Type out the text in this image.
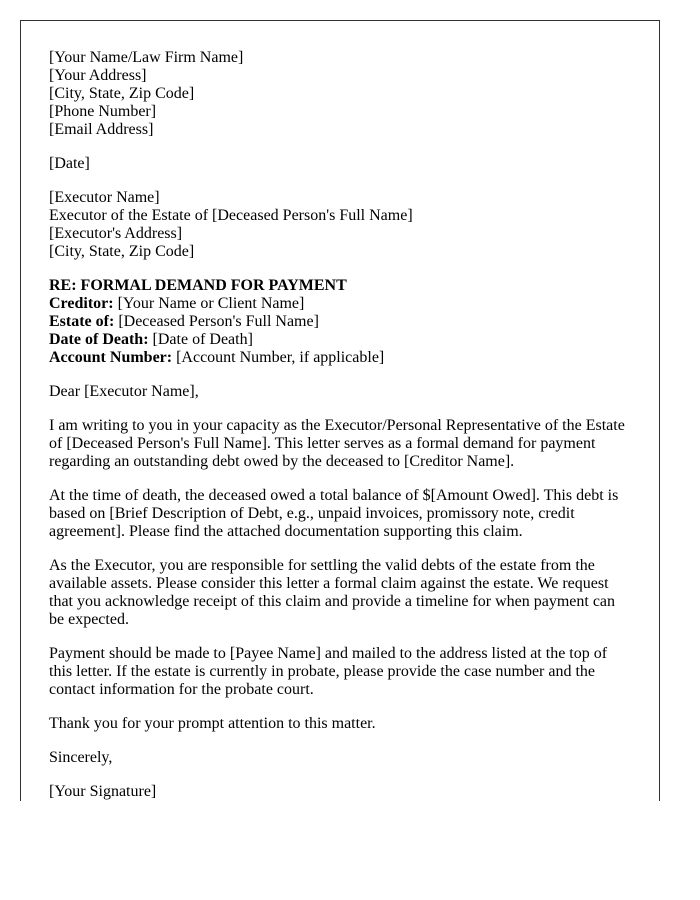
[Your Name/Law Firm Name]
[Your Address]
[City, State, Zip Code]
[Phone Number]
[Email Address]

[Date]

[Executor Name]
Executor of the Estate of [Deceased Person's Full Name]
[Executor's Address]
[City, State, Zip Code]

RE: FORMAL DEMAND FOR PAYMENT
Creditor: [Your Name or Client Name]
Estate of: [Deceased Person's Full Name]
Date of Death: [Date of Death]
Account Number: [Account Number, if applicable]

Dear [Executor Name],

I am writing to you in your capacity as the Executor/Personal Representative of the Estate of [Deceased Person's Full Name]. This letter serves as a formal demand for payment regarding an outstanding debt owed by the deceased to [Creditor Name].

At the time of death, the deceased owed a total balance of $[Amount Owed]. This debt is based on [Brief Description of Debt, e.g., unpaid invoices, promissory note, credit agreement]. Please find the attached documentation supporting this claim.

As the Executor, you are responsible for settling the valid debts of the estate from the available assets. Please consider this letter a formal claim against the estate. We request that you acknowledge receipt of this claim and provide a timeline for when payment can be expected.

Payment should be made to [Payee Name] and mailed to the address listed at the top of this letter. If the estate is currently in probate, please provide the case number and the contact information for the probate court.

Thank you for your prompt attention to this matter.

Sincerely,

[Your Signature]
